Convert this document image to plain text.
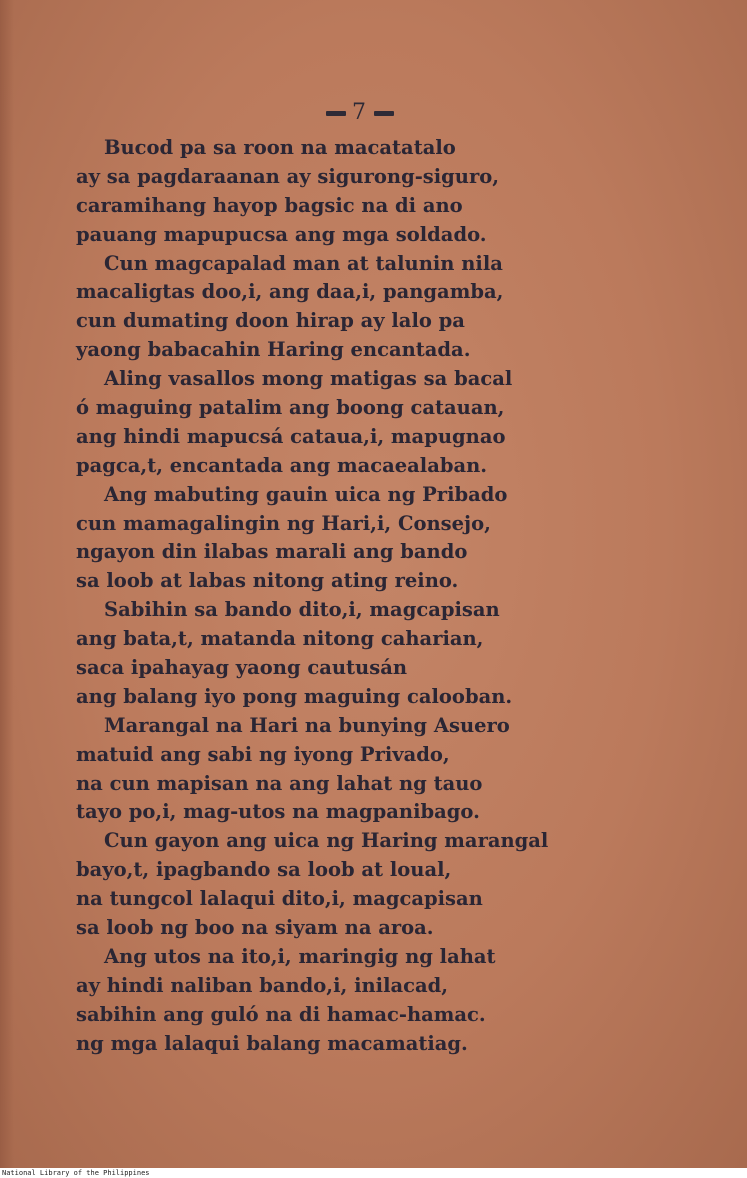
7
Bucod pa sa roon na macatatalo
ay sa pagdaraanan ay sigurong-siguro,
caramihang hayop bagsic na di ano
pauang mapupucsa ang mga soldado.
Cun magcapalad man at talunin nila
macaligtas doo,i, ang daa,i, pangamba,
cun dumating doon hirap ay lalo pa
yaong babacahin Haring encantada.
Aling vasallos mong matigas sa bacal
ó maguing patalim ang boong catauan,
ang hindi mapucsá catauа,i, mapugnao
pagca,t, encantada ang macaealaban.
Ang mabuting gauin uica ng Pribado
cun mamagalingin ng Hari,i, Consejo,
ngayon din ilabas marali ang bando
sa loob at labas nitong ating reino.
Sabihin sa bando dito,i, magcapisan
ang bata,t, matanda nitong caharian,
saca ipahayag yaong cautusán
ang balang iyo pong maguing calooban.
Marangal na Hari na bunying Asuero
matuid ang sabi ng iyong Privado,
na cun mapisan na ang lahat ng tauo
tayo po,i, mag-utos na magpanibago.
Cun gayon ang uica ng Haring marangal
bayo,t, ipagbando sa loob at loual,
na tungcol lalaqui dito,i, magcapisan
sa loob ng boo na siyam na aroa.
Ang utos na ito,i, maringig ng lahat
ay hindi naliban bando,i, inilacad,
sabihin ang guló na di hamac-hamac.
ng mga lalaqui balang macamatiag.
National Library of the Philippines
